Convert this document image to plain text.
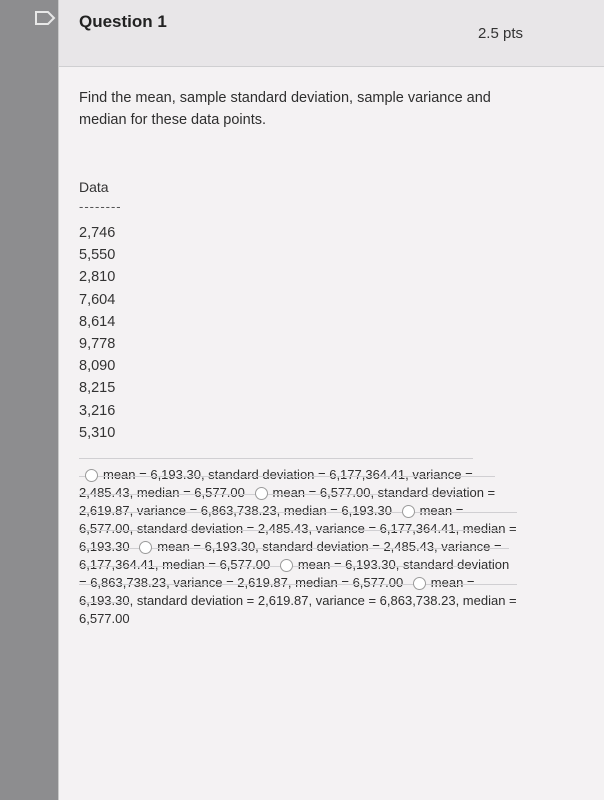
Question 1
2.5 pts
Find the mean, sample standard deviation, sample variance and median for these data points.
Data
--------
2,746
5,550
2,810
7,604
8,614
9,778
8,090
8,215
3,216
5,310
mean = 6,193.30, standard deviation = 6,177,364.41, variance = 2,485.43, median = 6,577.00 mean = 6,577.00, standard deviation = 2,619.87, variance = 6,863,738.23, median = 6,193.30 mean = 6,577.00, standard deviation = 2,485.43, variance = 6,177,364.41, median = 6,193.30 mean = 6,193.30, standard deviation = 2,485.43, variance = 6,177,364.41, median = 6,577.00 mean = 6,193.30, standard deviation = 6,863,738.23, variance = 2,619.87, median = 6,577.00 mean = 6,193.30, standard deviation = 2,619.87, variance = 6,863,738.23, median = 6,577.00
